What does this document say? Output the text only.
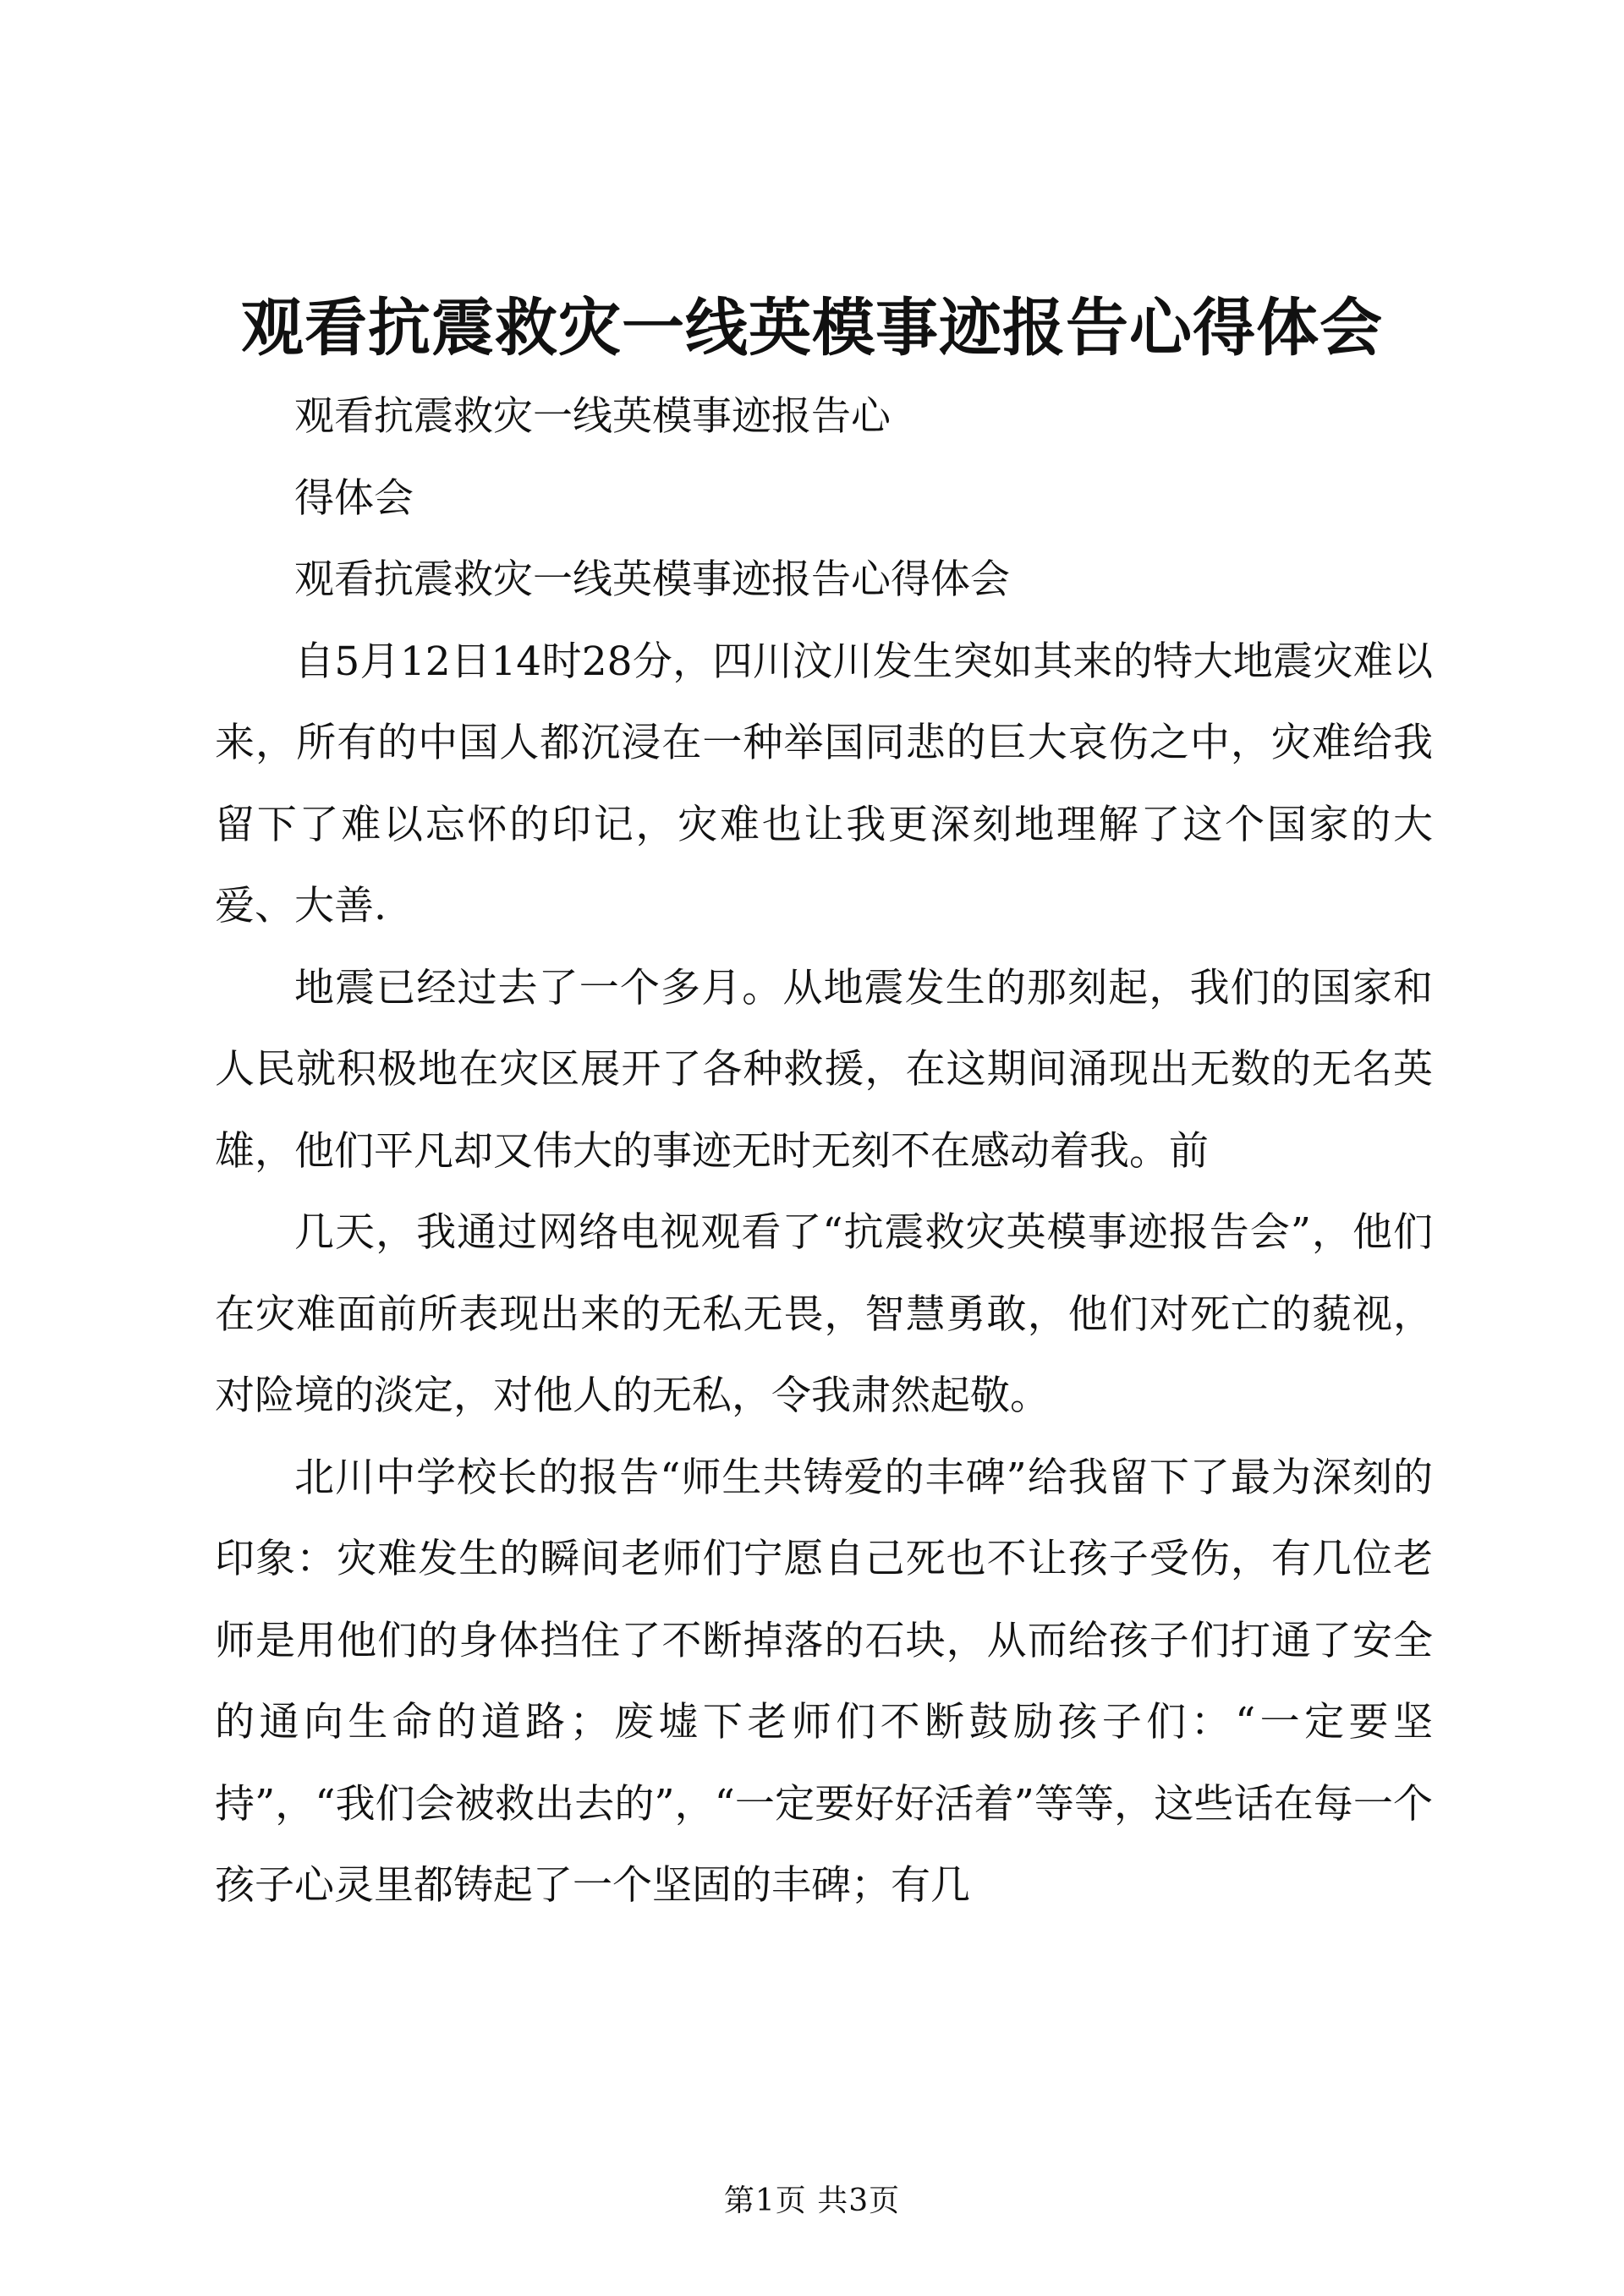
观看抗震救灾一线英模事迹报告心得体会

观看抗震救灾一线英模事迹报告心

得体会

观看抗震救灾一线英模事迹报告心得体会

自5月12日14时28分，四川汶川发生突如其来的特大地震灾难以来，所有的中国人都沉浸在一种举国同悲的巨大哀伤之中，灾难给我留下了难以忘怀的印记，灾难也让我更深刻地理解了这个国家的大爱、大善.

地震已经过去了一个多月。从地震发生的那刻起，我们的国家和人民就积极地在灾区展开了各种救援，在这期间涌现出无数的无名英雄，他们平凡却又伟大的事迹无时无刻不在感动着我。前

几天，我通过网络电视观看了“抗震救灾英模事迹报告会”，他们在灾难面前所表现出来的无私无畏，智慧勇敢，他们对死亡的藐视，对险境的淡定，对他人的无私，令我肃然起敬。

北川中学校长的报告“师生共铸爱的丰碑”给我留下了最为深刻的印象：灾难发生的瞬间老师们宁愿自己死也不让孩子受伤，有几位老师是用他们的身体挡住了不断掉落的石块，从而给孩子们打通了安全的通向生命的道路；废墟下老师们不断鼓励孩子们：“一定要坚持”，“我们会被救出去的”，“一定要好好活着”等等，这些话在每一个孩子心灵里都铸起了一个坚固的丰碑；有几

第1页 共3页
